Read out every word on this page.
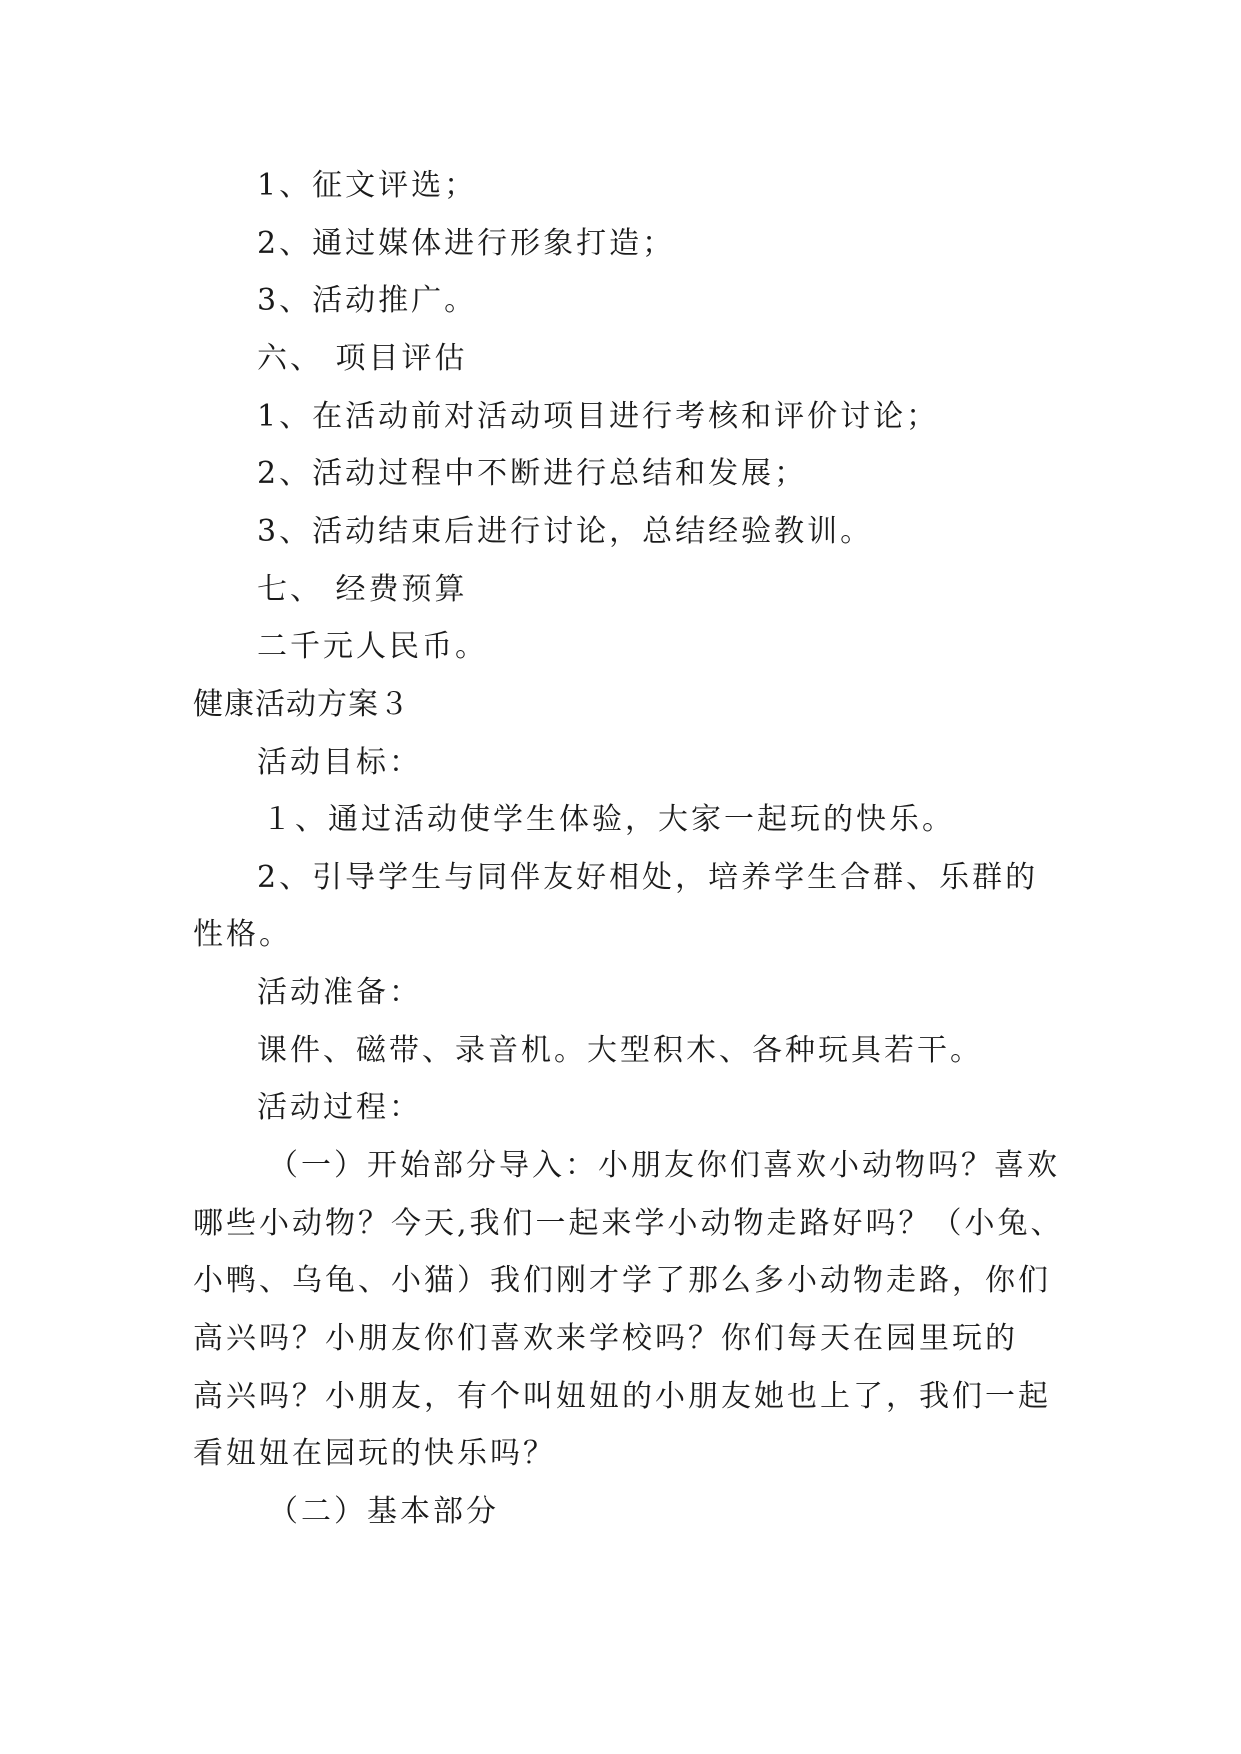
1、征文评选；
2、通过媒体进行形象打造；
3、活动推广。
六、 项目评估
1、在活动前对活动项目进行考核和评价讨论；
2、活动过程中不断进行总结和发展；
3、活动结束后进行讨论，总结经验教训。
七、 经费预算
二千元人民币。
健康活动方案３
活动目标：
１、通过活动使学生体验，大家一起玩的快乐。
2、引导学生与同伴友好相处，培养学生合群、乐群的
性格。
活动准备：
课件、磁带、录音机。大型积木、各种玩具若干。
活动过程：
（一）开始部分导入：小朋友你们喜欢小动物吗？喜欢
哪些小动物？今天,我们一起来学小动物走路好吗？（小兔、
小鸭、乌龟、小猫）我们刚才学了那么多小动物走路，你们
高兴吗？小朋友你们喜欢来学校吗？你们每天在园里玩的
高兴吗？小朋友，有个叫妞妞的小朋友她也上了，我们一起
看妞妞在园玩的快乐吗？
（二）基本部分
